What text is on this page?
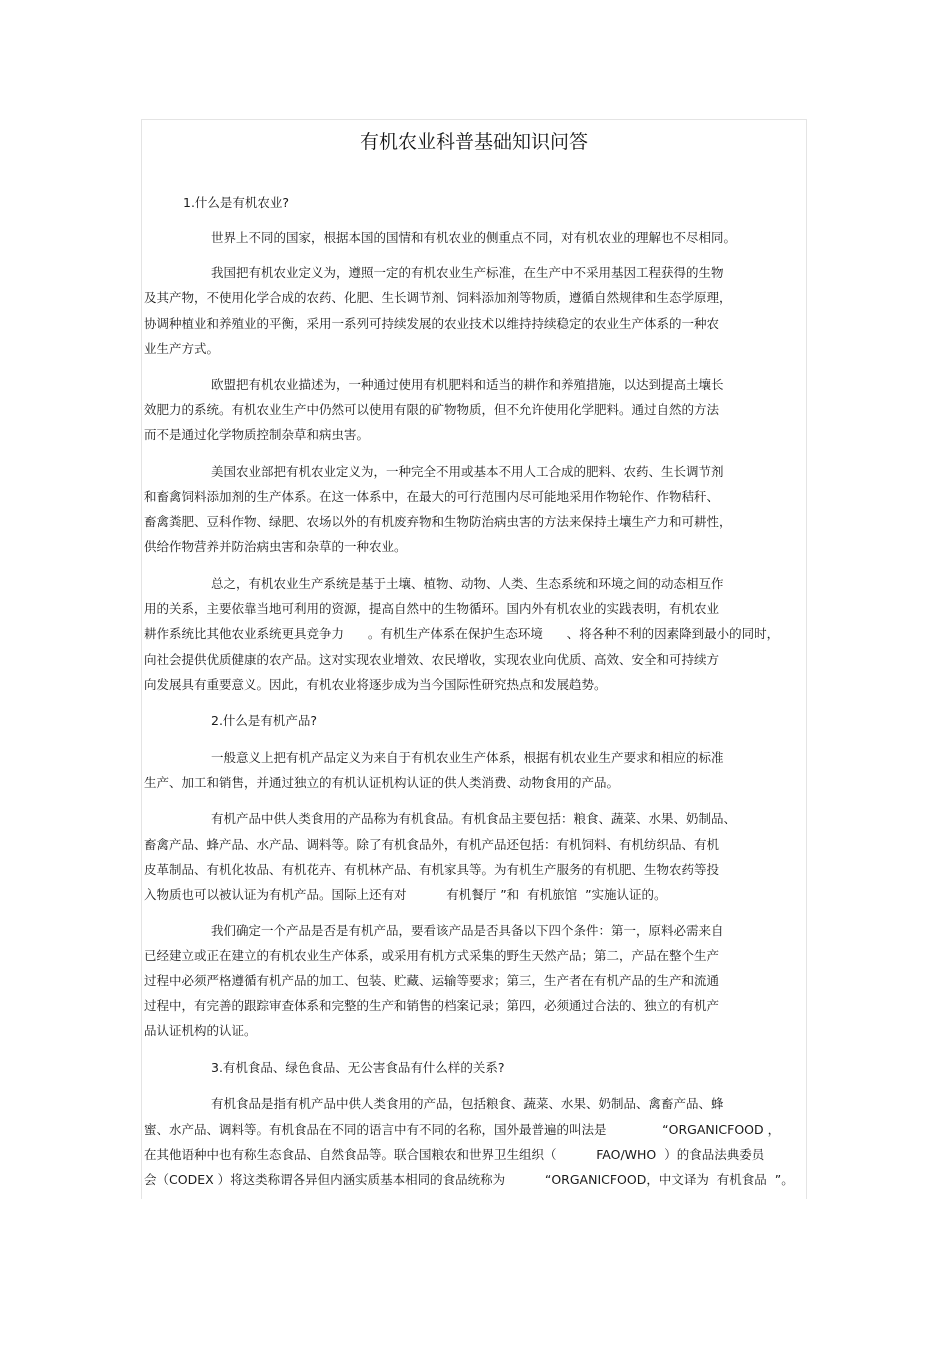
有机农业科普基础知识问答
1.什么是有机农业?
世界上不同的国家，根据本国的国情和有机农业的侧重点不同，对有机农业的理解也不尽相同。
我国把有机农业定义为，遵照一定的有机农业生产标准，在生产中不采用基因工程获得的生物
及其产物，不使用化学合成的农药、化肥、生长调节剂、饲料添加剂等物质，遵循自然规律和生态学原理，
协调种植业和养殖业的平衡，采用一系列可持续发展的农业技术以维持持续稳定的农业生产体系的一种农
业生产方式。
欧盟把有机农业描述为，一种通过使用有机肥料和适当的耕作和养殖措施，以达到提高土壤长
效肥力的系统。有机农业生产中仍然可以使用有限的矿物物质，但不允许使用化学肥料。通过自然的方法
而不是通过化学物质控制杂草和病虫害。
美国农业部把有机农业定义为，一种完全不用或基本不用人工合成的肥料、农药、生长调节剂
和畜禽饲料添加剂的生产体系。在这一体系中，在最大的可行范围内尽可能地采用作物轮作、作物秸秆、
畜禽粪肥、豆科作物、绿肥、农场以外的有机废弃物和生物防治病虫害的方法来保持土壤生产力和可耕性，
供给作物营养并防治病虫害和杂草的一种农业。
总之，有机农业生产系统是基于土壤、植物、动物、人类、生态系统和环境之间的动态相互作
用的关系，主要依靠当地可利用的资源，提高自然中的生物循环。国内外有机农业的实践表明，有机农业
耕作系统比其他农业系统更具竞争力      。有机生产体系在保护生态环境      、将各种不利的因素降到最小的同时，
向社会提供优质健康的农产品。这对实现农业增效、农民增收，实现农业向优质、高效、安全和可持续方
向发展具有重要意义。因此，有机农业将逐步成为当今国际性研究热点和发展趋势。
2.什么是有机产品?
一般意义上把有机产品定义为来自于有机农业生产体系，根据有机农业生产要求和相应的标准
生产、加工和销售，并通过独立的有机认证机构认证的供人类消费、动物食用的产品。
有机产品中供人类食用的产品称为有机食品。有机食品主要包括：粮食、蔬菜、水果、奶制品、
畜禽产品、蜂产品、水产品、调料等。除了有机食品外，有机产品还包括：有机饲料、有机纺织品、有机
皮革制品、有机化妆品、有机花卉、有机林产品、有机家具等。为有机生产服务的有机肥、生物农药等投
入物质也可以被认证为有机产品。国际上还有对          有机餐厅 ”和  有机旅馆  ”实施认证的。
我们确定一个产品是否是有机产品，要看该产品是否具备以下四个条件：第一，原料必需来自
已经建立或正在建立的有机农业生产体系，或采用有机方式采集的野生天然产品；第二，产品在整个生产
过程中必须严格遵循有机产品的加工、包装、贮藏、运输等要求；第三，生产者在有机产品的生产和流通
过程中，有完善的跟踪审查体系和完整的生产和销售的档案记录；第四，必须通过合法的、独立的有机产
品认证机构的认证。
3.有机食品、绿色食品、无公害食品有什么样的关系?
有机食品是指有机产品中供人类食用的产品，包括粮食、蔬菜、水果、奶制品、禽畜产品、蜂
蜜、水产品、调料等。有机食品在不同的语言中有不同的名称，国外最普遍的叫法是              “ORGANICFOOD ，
在其他语种中也有称生态食品、自然食品等。联合国粮农和世界卫生组织（          FAO/WHO  ）的食品法典委员
会（CODEX ）将这类称谓各异但内涵实质基本相同的食品统称为          “ORGANICFOOD，中文译为  有机食品  ”。
